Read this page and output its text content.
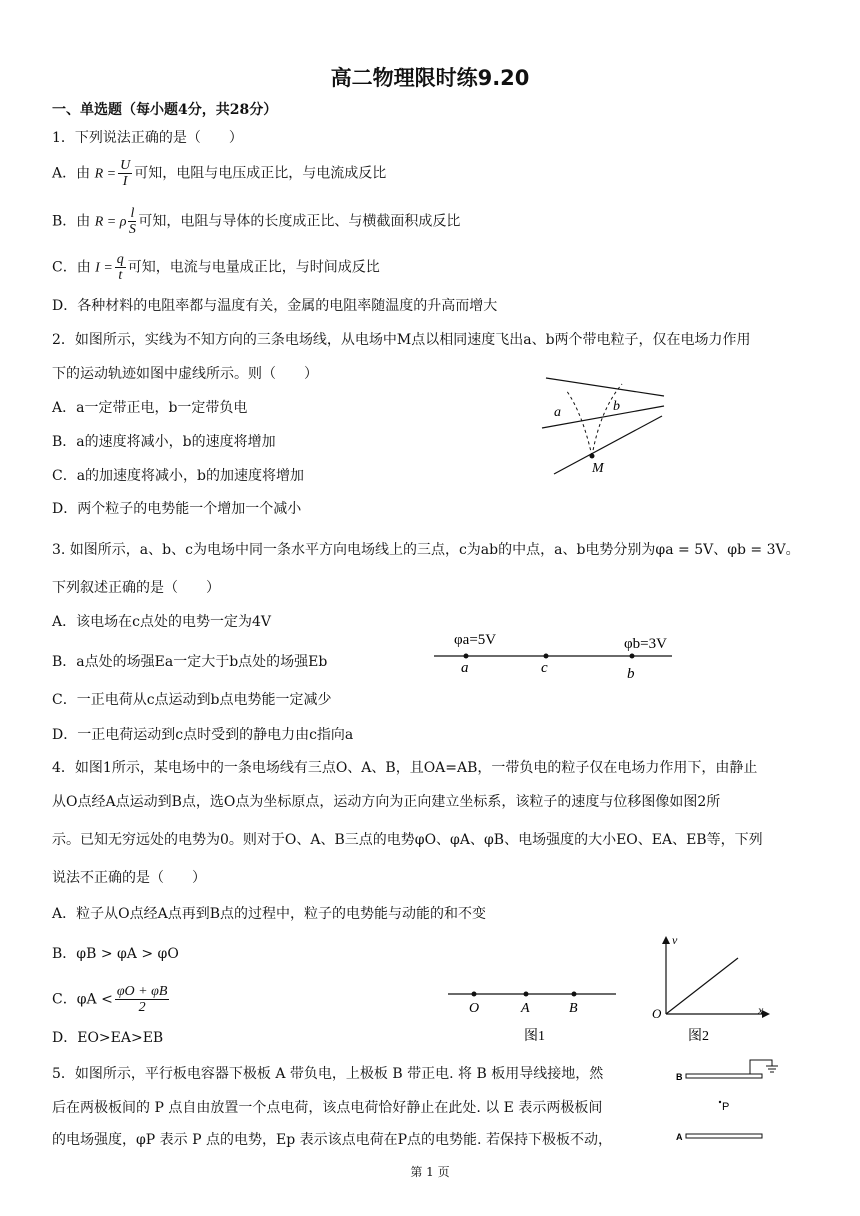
高二物理限时练9.20
一、单选题（每小题4分，共28分）
1．下列说法正确的是（　　）
A．由 $R = \frac{U}{I}$ 可知，电阻与电压成正比，与电流成反比
B．由 R = ρ $\frac{l}{S}$ 可知，电阻与导体的长度成正比、与横截面积成反比
C．由 $I = \frac{q}{t}$ 可知，电流与电量成正比，与时间成反比
D．各种材料的电阻率都与温度有关，金属的电阻率随温度的升高而增大
2．如图所示，实线为不知方向的三条电场线，从电场中M点以相同速度飞出a、b两个带电粒子，仅在电场力作用
下的运动轨迹如图中虚线所示。则（　　）
A．a一定带正电，b一定带负电
B．a的速度将减小，b的速度将增加
C．a的加速度将减小，b的加速度将增加
D．两个粒子的电势能一个增加一个减小
a	b
M
3. 如图所示，a、b、c为电场中同一条水平方向电场线上的三点，c为ab的中点，a、b电势分别为φa = 5V、φb = 3V。
下列叙述正确的是（　　）
A．该电场在c点处的电势一定为4V
B．a点处的场强Ea一定大于b点处的场强Eb
C．一正电荷从c点运动到b点电势能一定减少
D．一正电荷运动到c点时受到的静电力由c指向a
φa=5V	φb=3V
a	c	b
4．如图1所示，某电场中的一条电场线有三点O、A、B，且OA=AB，一带负电的粒子仅在电场力作用下，由静止
从O点经A点运动到B点，选O点为坐标原点，运动方向为正向建立坐标系，该粒子的速度与位移图像如图2所
示。已知无穷远处的电势为0。则对于O、A、B三点的电势φO、φA、φB、电场强度的大小EO、EA、EB等，下列
说法不正确的是（　　）
A．粒子从O点经A点再到B点的过程中，粒子的电势能与动能的和不变
B．φB > φA > φO
C．$\varphi A < \frac{\varphi O + \varphi B}{2}$
D．EO>EA>EB
O	A	B
图1
v
x
O
图2
5．如图所示，平行板电容器下极板 A 带负电，上极板 B 带正电. 将 B 板用导线接地，然
后在两极板间的 P 点自由放置一个点电荷，该点电荷恰好静止在此处. 以 E 表示两极板间
的电场强度，φP 表示 P 点的电势，Ep 表示该点电荷在P点的电势能. 若保持下极板不动，
B
A
P
第 1 页
